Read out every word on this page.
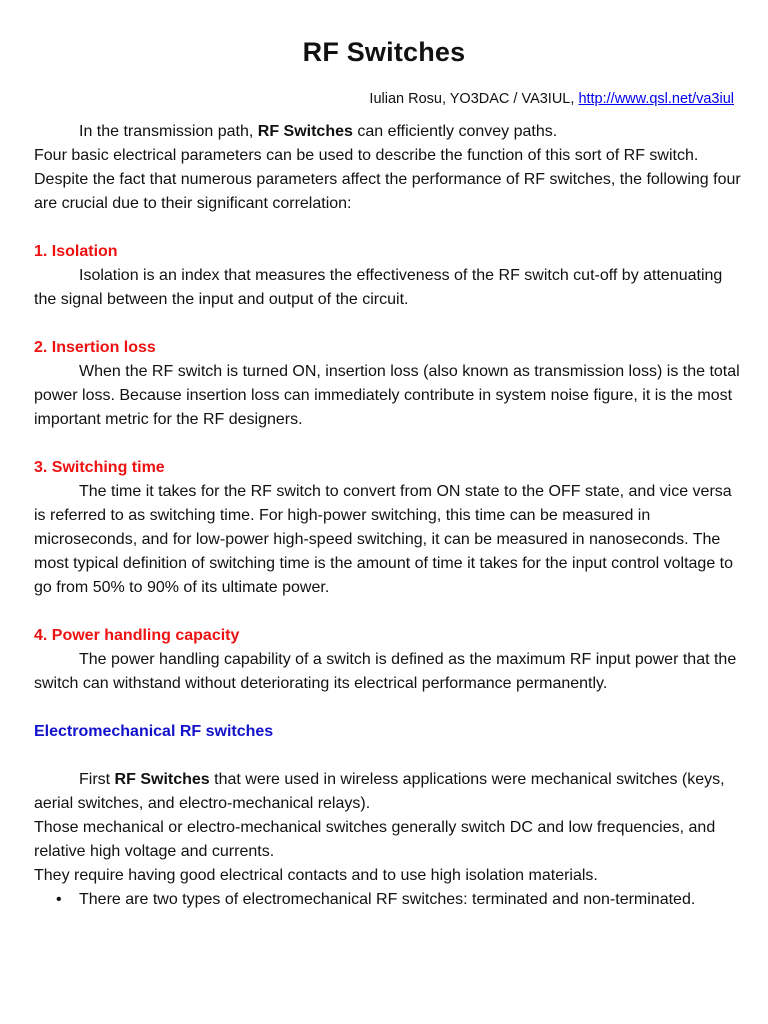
RF Switches
Iulian Rosu, YO3DAC / VA3IUL, http://www.qsl.net/va3iul

In the transmission path, RF Switches can efficiently convey paths.

Four basic electrical parameters can be used to describe the function of this sort of RF switch. Despite the fact that numerous parameters affect the performance of RF switches, the following four are crucial due to their significant correlation:

1. Isolation

Isolation is an index that measures the effectiveness of the RF switch cut-off by attenuating the signal between the input and output of the circuit.

2. Insertion loss

When the RF switch is turned ON, insertion loss (also known as transmission loss) is the total power loss. Because insertion loss can immediately contribute in system noise figure, it is the most important metric for the RF designers.

3. Switching time

The time it takes for the RF switch to convert from ON state to the OFF state, and vice versa is referred to as switching time. For high-power switching, this time can be measured in microseconds, and for low-power high-speed switching, it can be measured in nanoseconds. The most typical definition of switching time is the amount of time it takes for the input control voltage to go from 50% to 90% of its ultimate power.

4. Power handling capacity

The power handling capability of a switch is defined as the maximum RF input power that the switch can withstand without deteriorating its electrical performance permanently.

Electromechanical RF switches

First RF Switches that were used in wireless applications were mechanical switches (keys, aerial switches, and electro-mechanical relays).

Those mechanical or electro-mechanical switches generally switch DC and low frequencies, and relative high voltage and currents.

They require having good electrical contacts and to use high isolation materials.

• There are two types of electromechanical RF switches: terminated and non-terminated.
